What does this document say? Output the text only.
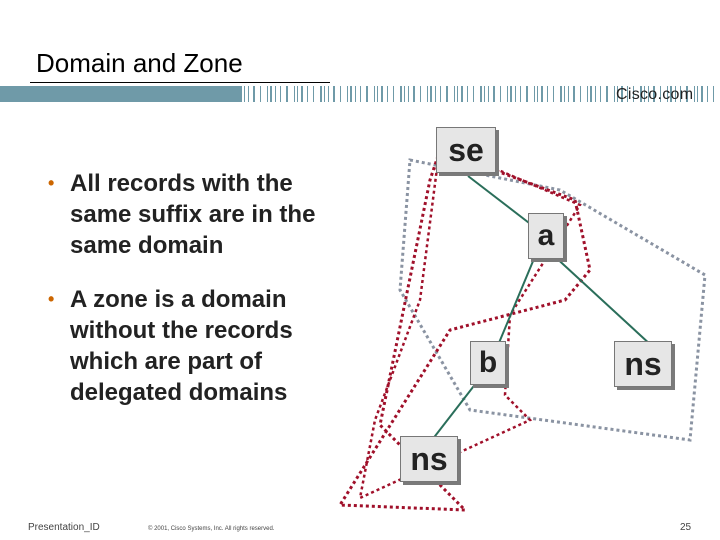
Domain and Zone
Cisco.com
• All records with the same suffix are in the same domain
• A zone is a domain without the records which are part of delegated domains
se
a
b	ns
ns
Presentation_ID	© 2001, Cisco Systems, Inc. All rights reserved.	25
